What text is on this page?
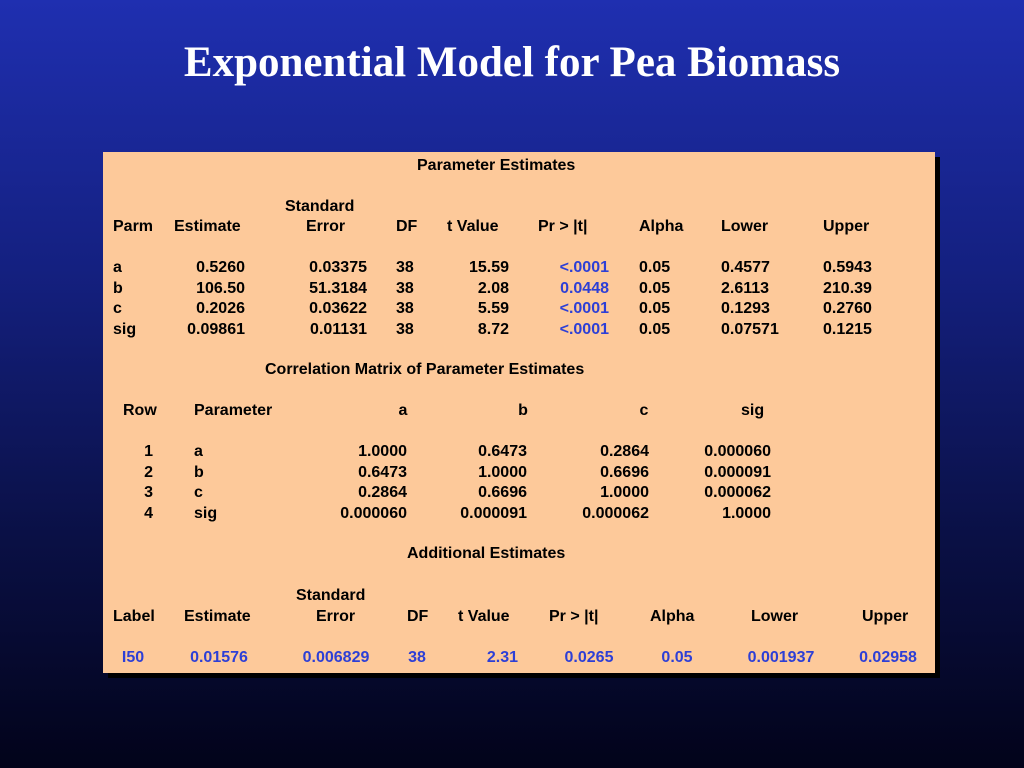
Exponential Model for Pea Biomass
Parameter Estimates
Standard
Parm Estimate	Error	DF t Value Pr > |t|	Alpha Lower	Upper
a	0.5260	0.03375 38	15.59	<.0001 0.05	0.4577	0.5943
b	106.50	51.3184 38	2.08	0.0448 0.05	2.6113	210.39
c	0.2026	0.03622 38	5.59	<.0001 0.05	0.1293	0.2760
sig	0.09861	0.01131 38	8.72	<.0001 0.05	0.07571	0.1215
Correlation Matrix of Parameter Estimates
Row Parameter	a	b	c	sig
1	a	1.0000	0.6473	0.2864	0.000060
2	b	0.6473	1.0000	0.6696	0.000091
3	c	0.2864	0.6696	1.0000	0.000062
4	sig	0.000060	0.000091	0.000062	1.0000
Additional Estimates
Standard
Label Estimate	Error	DF t Value Pr > |t|	Alpha	Lower	Upper
I50	0.01576	0.006829	38	2.31	0.0265	0.05	0.001937	0.02958
